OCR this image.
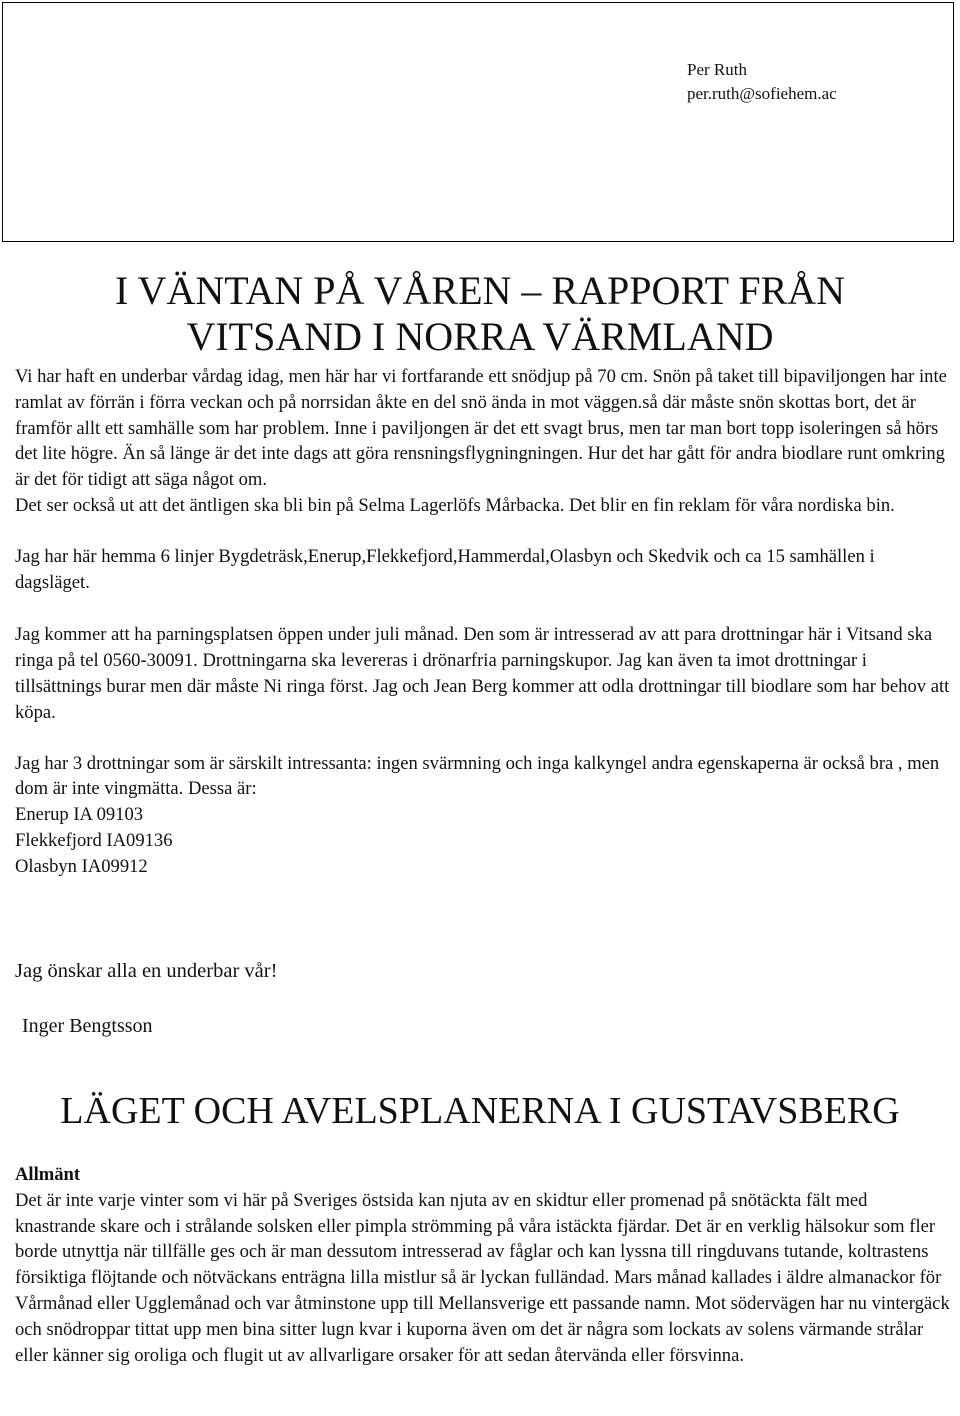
Per Ruth
per.ruth@sofiehem.ac
I VÄNTAN PÅ VÅREN – RAPPORT FRÅN
VITSAND I NORRA VÄRMLAND

Vi har haft en underbar vårdag idag, men här har vi fortfarande ett snödjup på 70 cm. Snön på taket till bipaviljongen har inte ramlat av förrän i förra veckan och på norrsidan åkte en del snö ända in mot väggen.så där måste snön skottas bort, det är framför allt ett samhälle som har problem. Inne i paviljongen är det ett svagt brus, men tar man bort topp isoleringen så hörs det lite högre. Än så länge är det inte dags att göra rensningsflygningningen. Hur det har gått för andra biodlare runt omkring är det för tidigt att säga något om.

Det ser också ut att det äntligen ska bli bin på Selma Lagerlöfs Mårbacka. Det blir en fin reklam för våra nordiska bin.

Jag har här hemma 6 linjer Bygdeträsk,Enerup,Flekkefjord,Hammerdal,Olasbyn och Skedvik och ca 15 samhällen i dagsläget.

Jag kommer att ha parningsplatsen öppen under juli månad. Den som är intresserad av att para drottningar här i Vitsand ska ringa på tel 0560-30091. Drottningarna ska levereras i drönarfria parningskupor. Jag kan även ta imot drottningar i tillsättnings burar men där måste Ni ringa först. Jag och Jean Berg kommer att odla drottningar till biodlare som har behov att köpa.

Jag har 3 drottningar som är särskilt intressanta: ingen svärmning och inga kalkyngel andra egenskaperna är också bra , men dom är inte vingmätta. Dessa är:

Enerup IA 09103
Flekkefjord IA09136
Olasbyn IA09912
Jag önskar alla en underbar vår!
Inger Bengtsson
LÄGET OCH AVELSPLANERNA I GUSTAVSBERG
Allmänt

Det är inte varje vinter som vi här på Sveriges östsida kan njuta av en skidtur eller promenad på snötäckta fält med knastrande skare och i strålande solsken eller pimpla strömming på våra istäckta fjärdar. Det är en verklig hälsokur som fler borde utnyttja när tillfälle ges och är man dessutom intresserad av fåglar och kan lyssna till ringduvans tutande, koltrastens försiktiga flöjtande och nötväckans enträgna lilla mistlur så är lyckan fulländad. Mars månad kallades i äldre almanackor för Vårmånad eller Ugglemånad och var åtminstone upp till Mellansverige ett passande namn. Mot södervägen har nu vintergäck och snödroppar tittat upp men bina sitter lugn kvar i kuporna även om det är några som lockats av solens värmande strålar eller känner sig oroliga och flugit ut av allvarligare orsaker för att sedan återvända eller försvinna.
